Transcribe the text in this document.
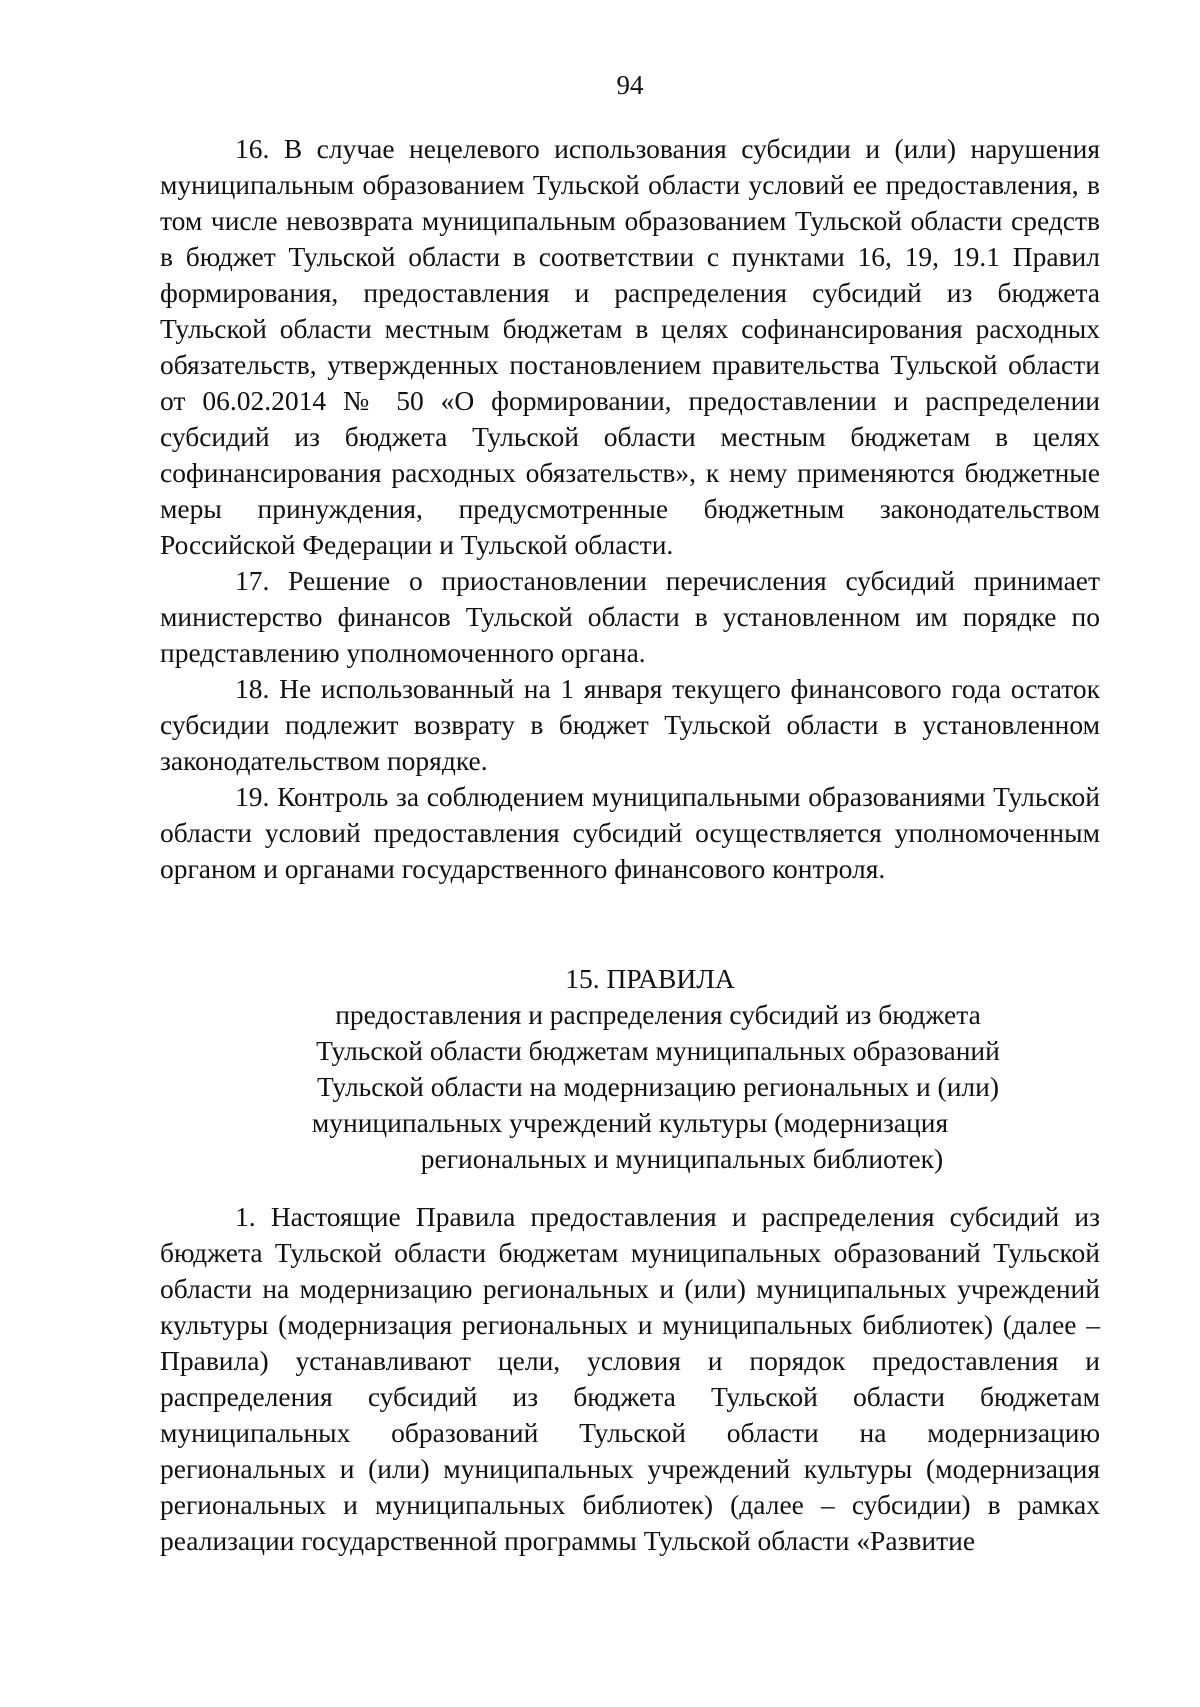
94

16. В случае нецелевого использования субсидии и (или) нарушения муниципальным образованием Тульской области условий ее предоставления, в том числе невозврата муниципальным образованием Тульской области средств в бюджет Тульской области в соответствии с пунктами 16, 19, 19.1 Правил формирования, предоставления и распределения субсидий из бюджета Тульской области местным бюджетам в целях софинансирования расходных обязательств, утвержденных постановлением правительства Тульской области от 06.02.2014 № 50 «О формировании, предоставлении и распределении субсидий из бюджета Тульской области местным бюджетам в целях софинансирования расходных обязательств», к нему применяются бюджетные меры принуждения, предусмотренные бюджетным законодательством Российской Федерации и Тульской области.

17. Решение о приостановлении перечисления субсидий принимает министерство финансов Тульской области в установленном им порядке по представлению уполномоченного органа.

18. Не использованный на 1 января текущего финансового года остаток субсидии подлежит возврату в бюджет Тульской области в установленном законодательством порядке.

19. Контроль за соблюдением муниципальными образованиями Тульской области условий предоставления субсидий осуществляется уполномоченным органом и органами государственного финансового контроля.

15. ПРАВИЛА
предоставления и распределения субсидий из бюджета
Тульской области бюджетам муниципальных образований
Тульской области на модернизацию региональных и (или)
муниципальных учреждений культуры (модернизация
региональных и муниципальных библиотек)

1. Настоящие Правила предоставления и распределения субсидий из бюджета Тульской области бюджетам муниципальных образований Тульской области на модернизацию региональных и (или) муниципальных учреждений культуры (модернизация региональных и муниципальных библиотек) (далее – Правила) устанавливают цели, условия и порядок предоставления и распределения субсидий из бюджета Тульской области бюджетам муниципальных образований Тульской области на модернизацию региональных и (или) муниципальных учреждений культуры (модернизация региональных и муниципальных библиотек) (далее – субсидии) в рамках реализации государственной программы Тульской области «Развитие
